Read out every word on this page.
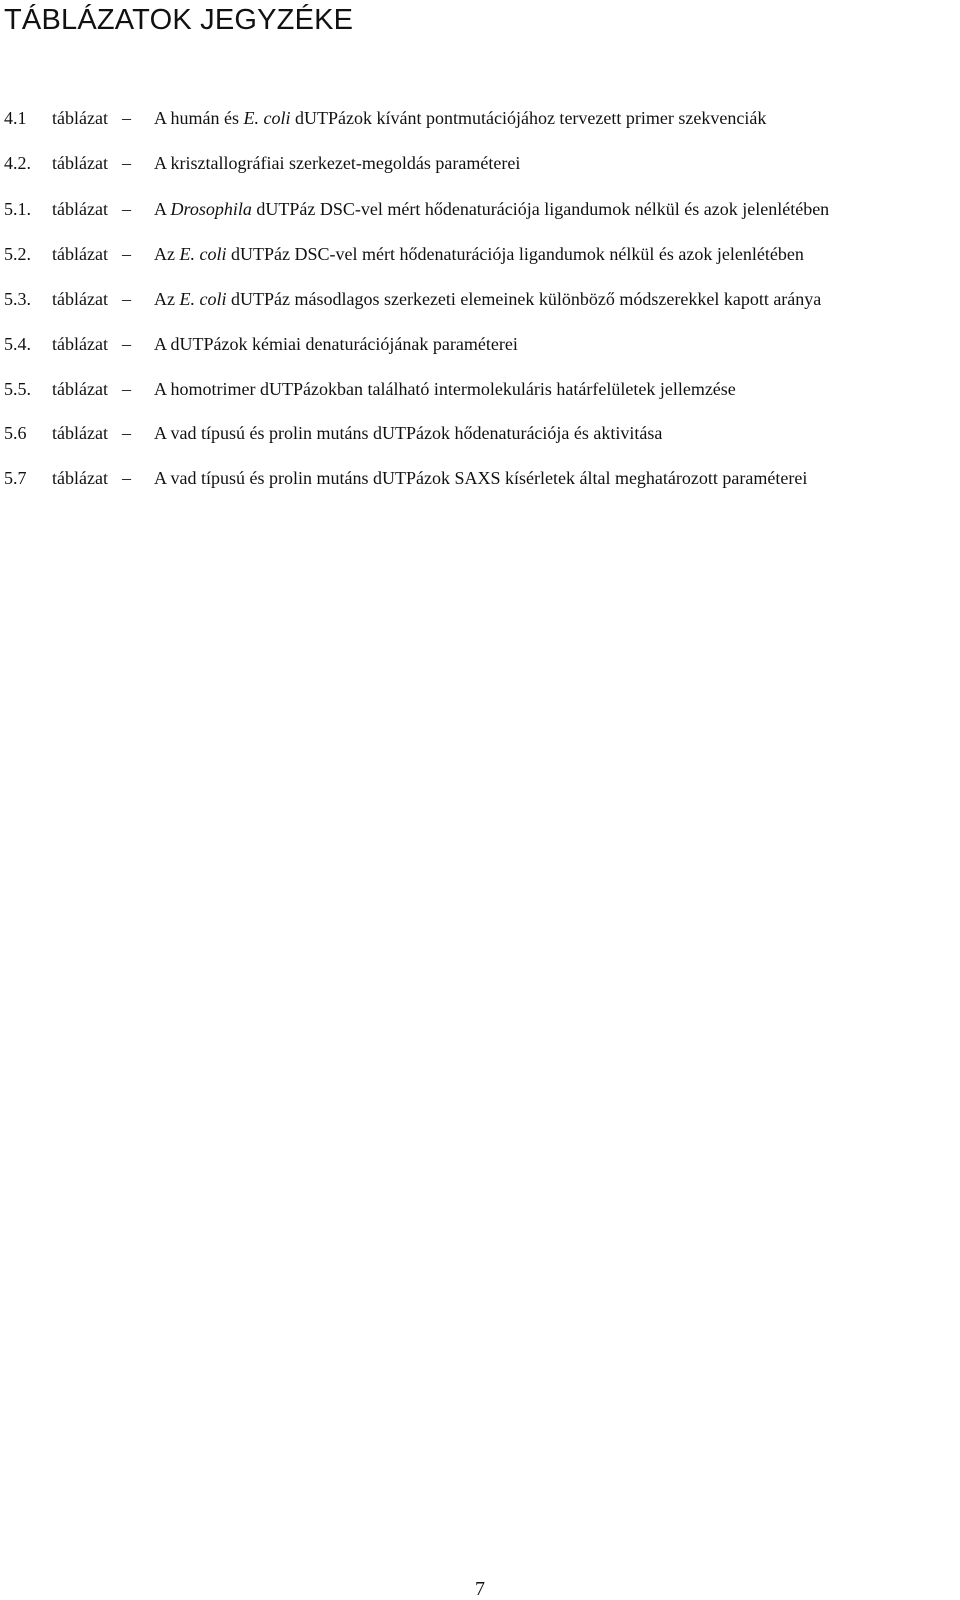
TÁBLÁZATOK JEGYZÉKE
4.1 táblázat – A humán és E. coli dUTPázok kívánt pontmutációjához tervezett primer szekvenciák
4.2. táblázat – A krisztallográfiai szerkezet-megoldás paraméterei
5.1. táblázat – A Drosophila dUTPáz DSC-vel mért hődenaturációja ligandumok nélkül és azok jelenlétében
5.2. táblázat – Az E. coli dUTPáz DSC-vel mért hődenaturációja ligandumok nélkül és azok jelenlétében
5.3. táblázat – Az E. coli dUTPáz másodlagos szerkezeti elemeinek különböző módszerekkel kapott aránya
5.4. táblázat – A dUTPázok kémiai denaturációjának paraméterei
5.5. táblázat – A homotrimer dUTPázokban található intermolekuláris határfelületek jellemzése
5.6 táblázat – A vad típusú és prolin mutáns dUTPázok hődenaturációja és aktivitása
5.7 táblázat – A vad típusú és prolin mutáns dUTPázok SAXS kísérletek által meghatározott paraméterei
7
